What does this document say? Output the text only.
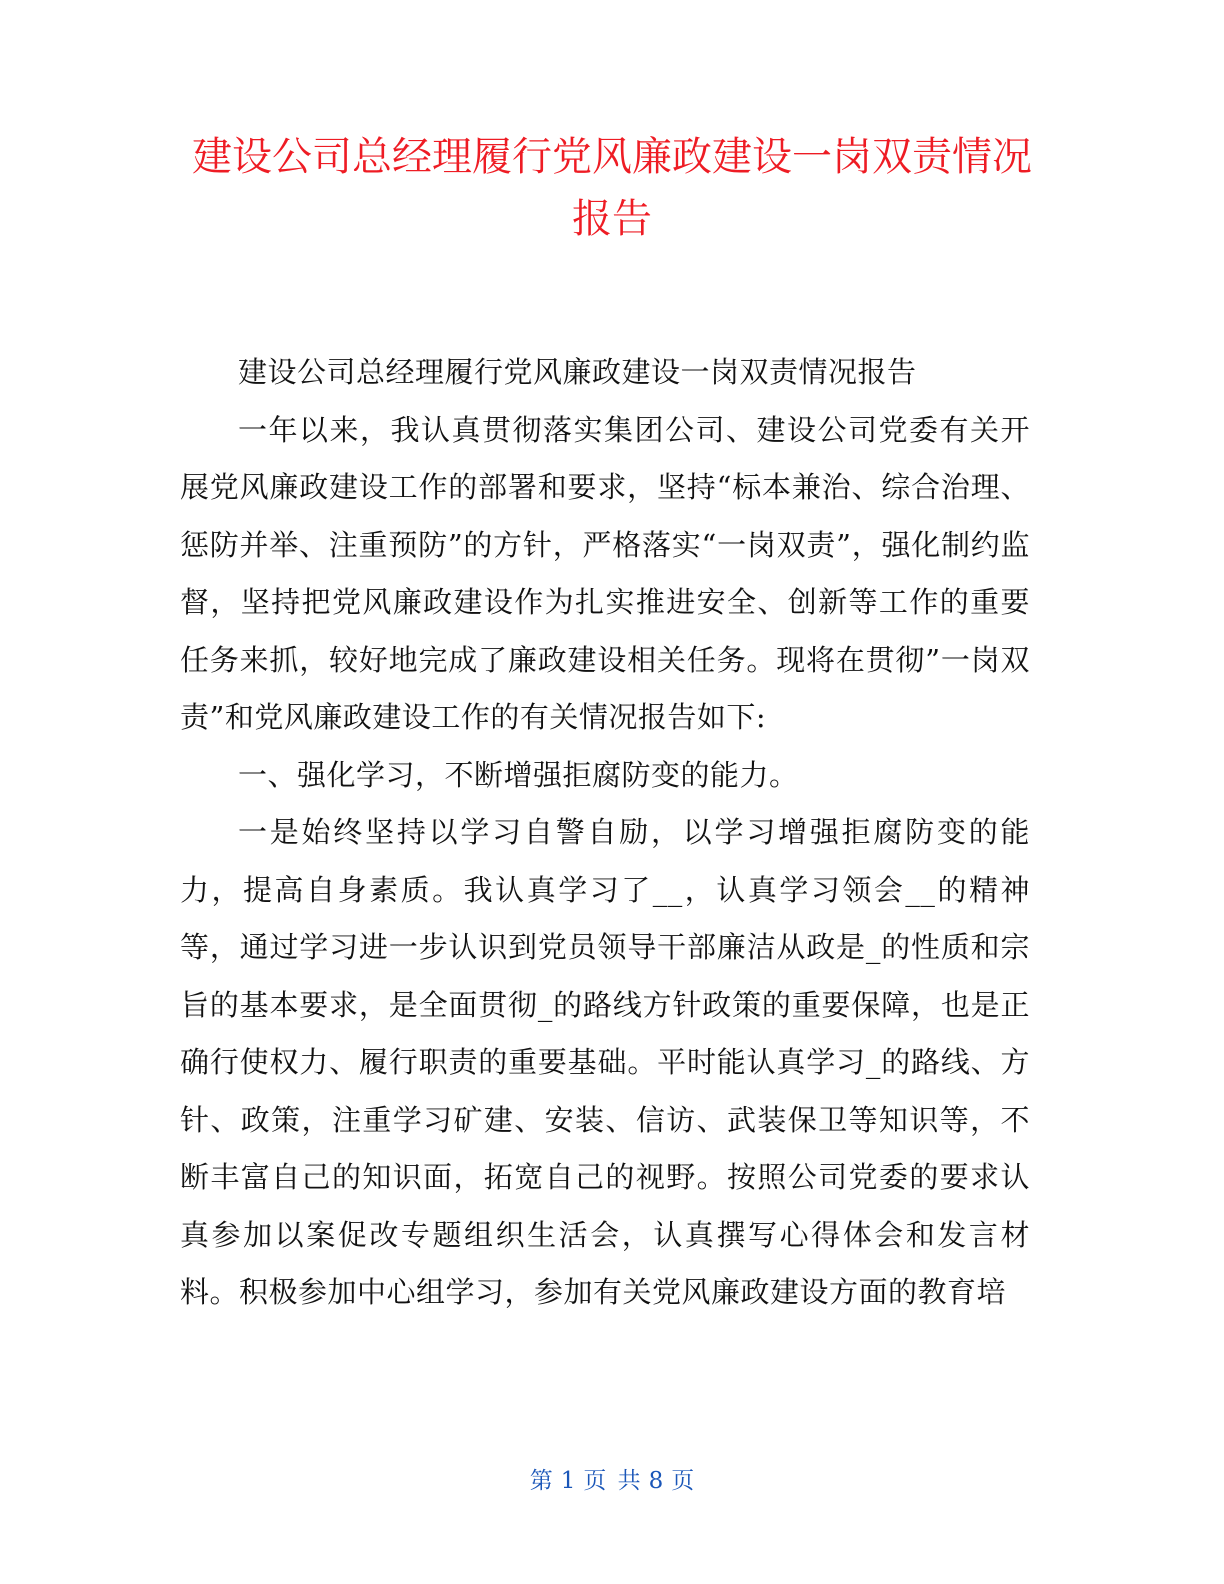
建设公司总经理履行党风廉政建设一岗双责情况报告

建设公司总经理履行党风廉政建设一岗双责情况报告

一年以来，我认真贯彻落实集团公司、建设公司党委有关开展党风廉政建设工作的部署和要求，坚持“标本兼治、综合治理、惩防并举、注重预防”的方针，严格落实“一岗双责”，强化制约监督，坚持把党风廉政建设作为扎实推进安全、创新等工作的重要任务来抓，较好地完成了廉政建设相关任务。现将在贯彻”一岗双责”和党风廉政建设工作的有关情况报告如下:

一、强化学习，不断增强拒腐防变的能力。

一是始终坚持以学习自警自励，以学习增强拒腐防变的能力，提高自身素质。我认真学习了__，认真学习领会__的精神等，通过学习进一步认识到党员领导干部廉洁从政是_的性质和宗旨的基本要求，是全面贯彻_的路线方针政策的重要保障，也是正确行使权力、履行职责的重要基础。平时能认真学习_的路线、方针、政策，注重学习矿建、安装、信访、武装保卫等知识等，不断丰富自己的知识面，拓宽自己的视野。按照公司党委的要求认真参加以案促改专题组织生活会，认真撰写心得体会和发言材料。积极参加中心组学习，参加有关党风廉政建设方面的教育培

第 1 页 共 8 页
